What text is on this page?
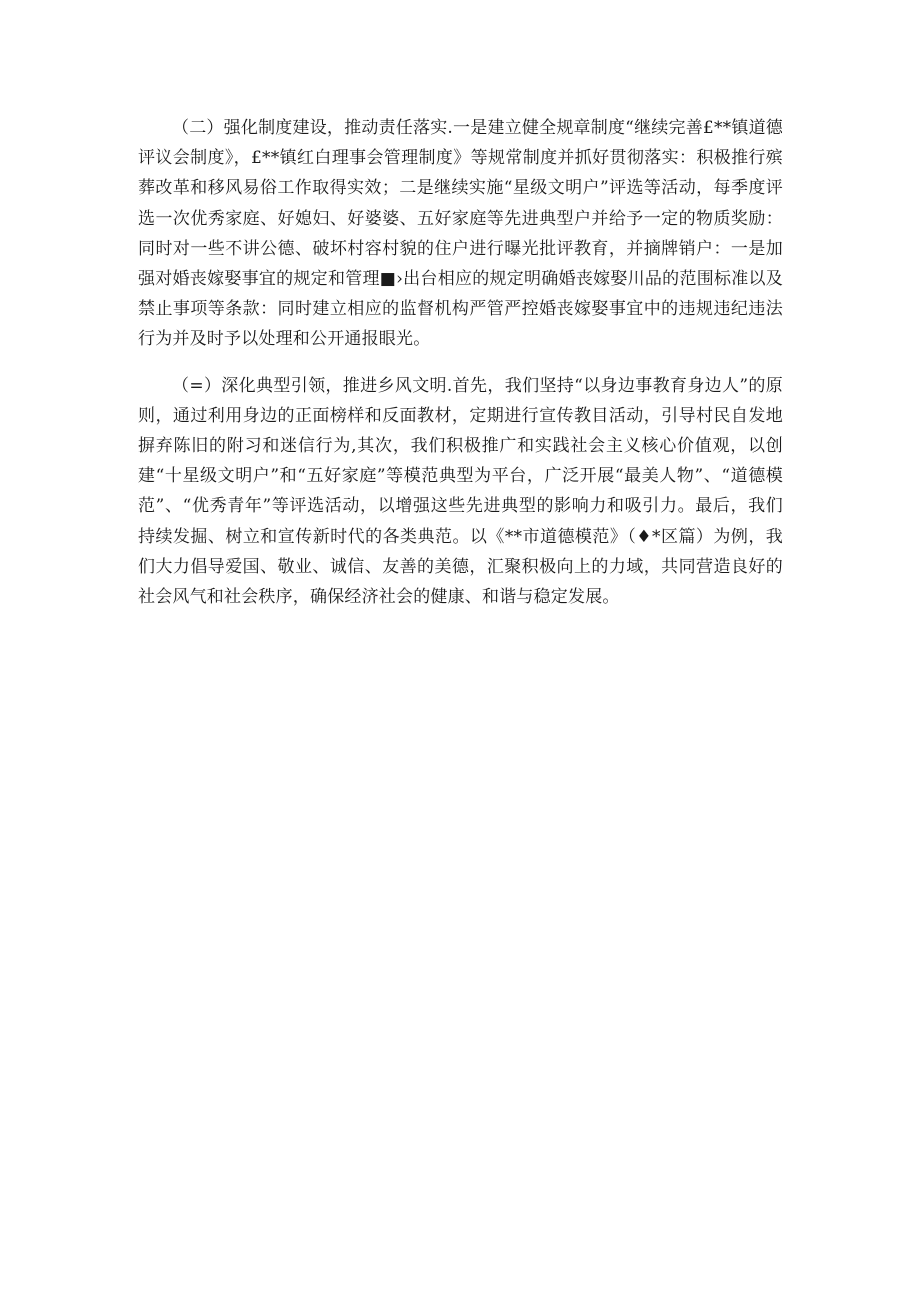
（二）强化制度建设，推动责任落实.一是建立健全规章制度“继续完善£**镇道德评议会制度》，£**镇红白理事会管理制度》等规常制度并抓好贯彻落实：积极推行殡葬改革和移风易俗工作取得实效；二是继续实施“星级文明户”评选等活动，每季度评选一次优秀家庭、好媳妇、好婆婆、五好家庭等先进典型户并给予一定的物质奖励：同时对一些不讲公德、破坏村容村貌的住户进行曝光批评教育，并摘牌销户：一是加强对婚丧嫁娶事宜的规定和管理■›出台相应的规定明确婚丧嫁娶川品的范围标准以及禁止事项等条款：同时建立相应的监督机构严管严控婚丧嫁娶事宜中的违规违纪违法行为并及时予以处理和公开通报眼光。

（=）深化典型引领，推进乡风文明.首先，我们坚持“以身边事教育身边人”的原则，通过利用身边的正面榜样和反面教材，定期进行宣传教目活动，引导村民自发地摒弃陈旧的附习和迷信行为,其次，我们积极推广和实践社会主义核心价值观，以创建“十星级文明户”和“五好家庭”等模范典型为平台，广泛开展“最美人物”、“道德模范”、“优秀青年”等评选活动，以增强这些先进典型的影响力和吸引力。最后，我们持续发掘、树立和宣传新时代的各类典范。以《**市道德模范》（♦*区篇）为例，我们大力倡导爱国、敬业、诚信、友善的美德，汇聚积极向上的力域，共同营造良好的社会风气和社会秩序，确保经济社会的健康、和谐与稳定发展。
